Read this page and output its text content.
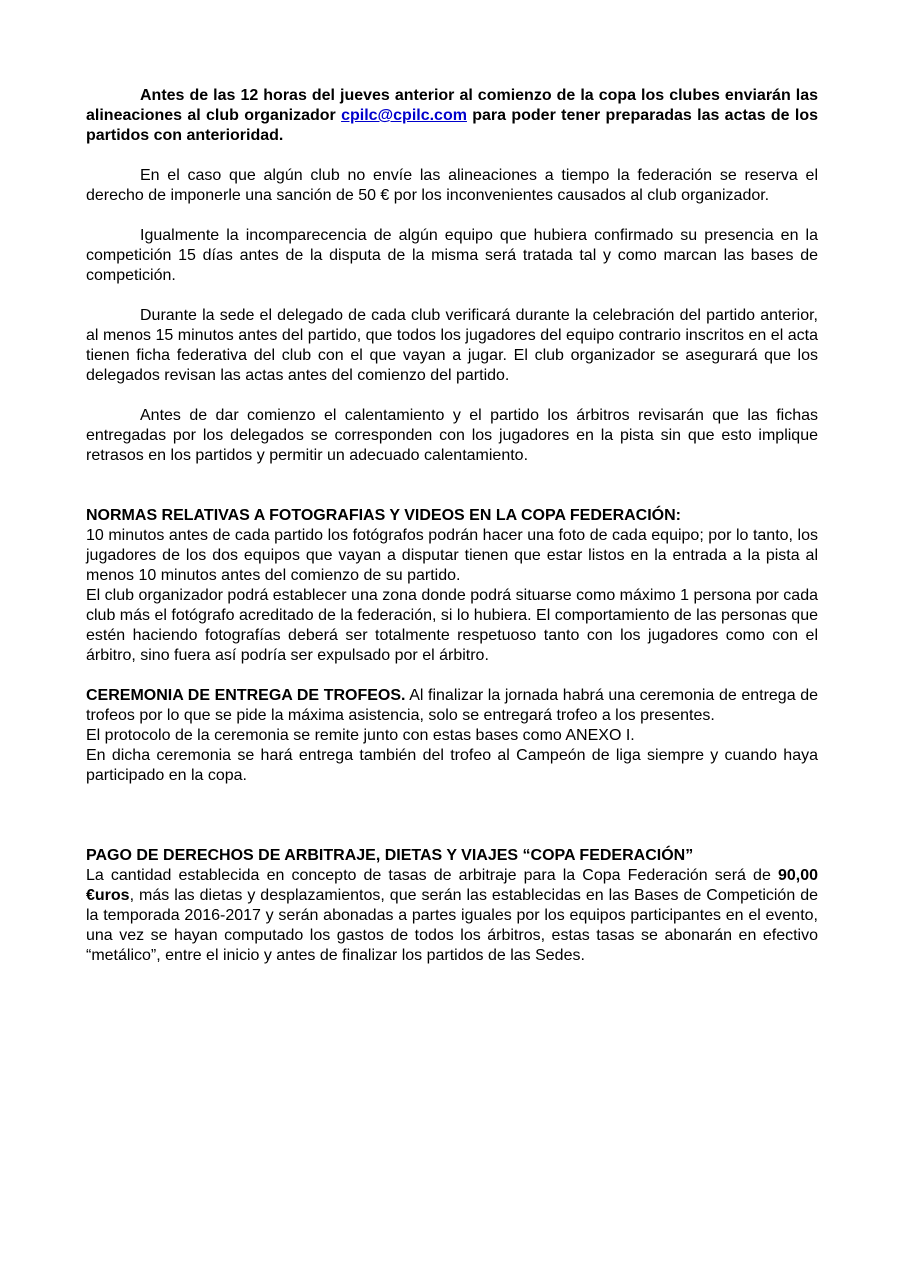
Antes de las 12 horas del jueves anterior al comienzo de la copa los clubes enviarán las alineaciones al club organizador cpilc@cpilc.com para poder tener preparadas las actas de los partidos con anterioridad.

En el caso que algún club no envíe las alineaciones a tiempo la federación se reserva el derecho de imponerle una sanción de 50 € por los inconvenientes causados al club organizador.

Igualmente la incomparecencia de algún equipo que hubiera confirmado su presencia en la competición 15 días antes de la disputa de la misma será tratada tal y como marcan las bases de competición.

Durante la sede el delegado de cada club verificará durante la celebración del partido anterior, al menos 15 minutos antes del partido, que todos los jugadores del equipo contrario inscritos en el acta tienen ficha federativa del club con el que vayan a jugar. El club organizador se asegurará que los delegados revisan las actas antes del comienzo del partido.

Antes de dar comienzo el calentamiento y el partido los árbitros revisarán que las fichas entregadas por los delegados se corresponden con los jugadores en la pista sin que esto implique retrasos en los partidos y permitir un adecuado calentamiento.

NORMAS RELATIVAS A FOTOGRAFIAS Y VIDEOS EN LA COPA FEDERACIÓN:

10 minutos antes de cada partido los fotógrafos podrán hacer una foto de cada equipo; por lo tanto, los jugadores de los dos equipos que vayan a disputar tienen que estar listos en la entrada a la pista al menos 10 minutos antes del comienzo de su partido.

El club organizador podrá establecer una zona donde podrá situarse como máximo 1 persona por cada club más el fotógrafo acreditado de la federación, si lo hubiera. El comportamiento de las personas que estén haciendo fotografías deberá ser totalmente respetuoso tanto con los jugadores como con el árbitro, sino fuera así podría ser expulsado por el árbitro.

CEREMONIA DE ENTREGA DE TROFEOS. Al finalizar la jornada habrá una ceremonia de entrega de trofeos por lo que se pide la máxima asistencia, solo se entregará trofeo a los presentes.

El protocolo de la ceremonia se remite junto con estas bases como ANEXO I.

En dicha ceremonia se hará entrega también del trofeo al Campeón de liga siempre y cuando haya participado en la copa.

PAGO DE DERECHOS DE ARBITRAJE, DIETAS Y VIAJES “COPA FEDERACIÓN”

La cantidad establecida en concepto de tasas de arbitraje para la Copa Federación será de 90,00 €uros, más las dietas y desplazamientos, que serán las establecidas en las Bases de Competición de la temporada 2016-2017 y serán abonadas a partes iguales por los equipos participantes en el evento, una vez se hayan computado los gastos de todos los árbitros, estas tasas se abonarán en efectivo “metálico”, entre el inicio y antes de finalizar los partidos de las Sedes.
